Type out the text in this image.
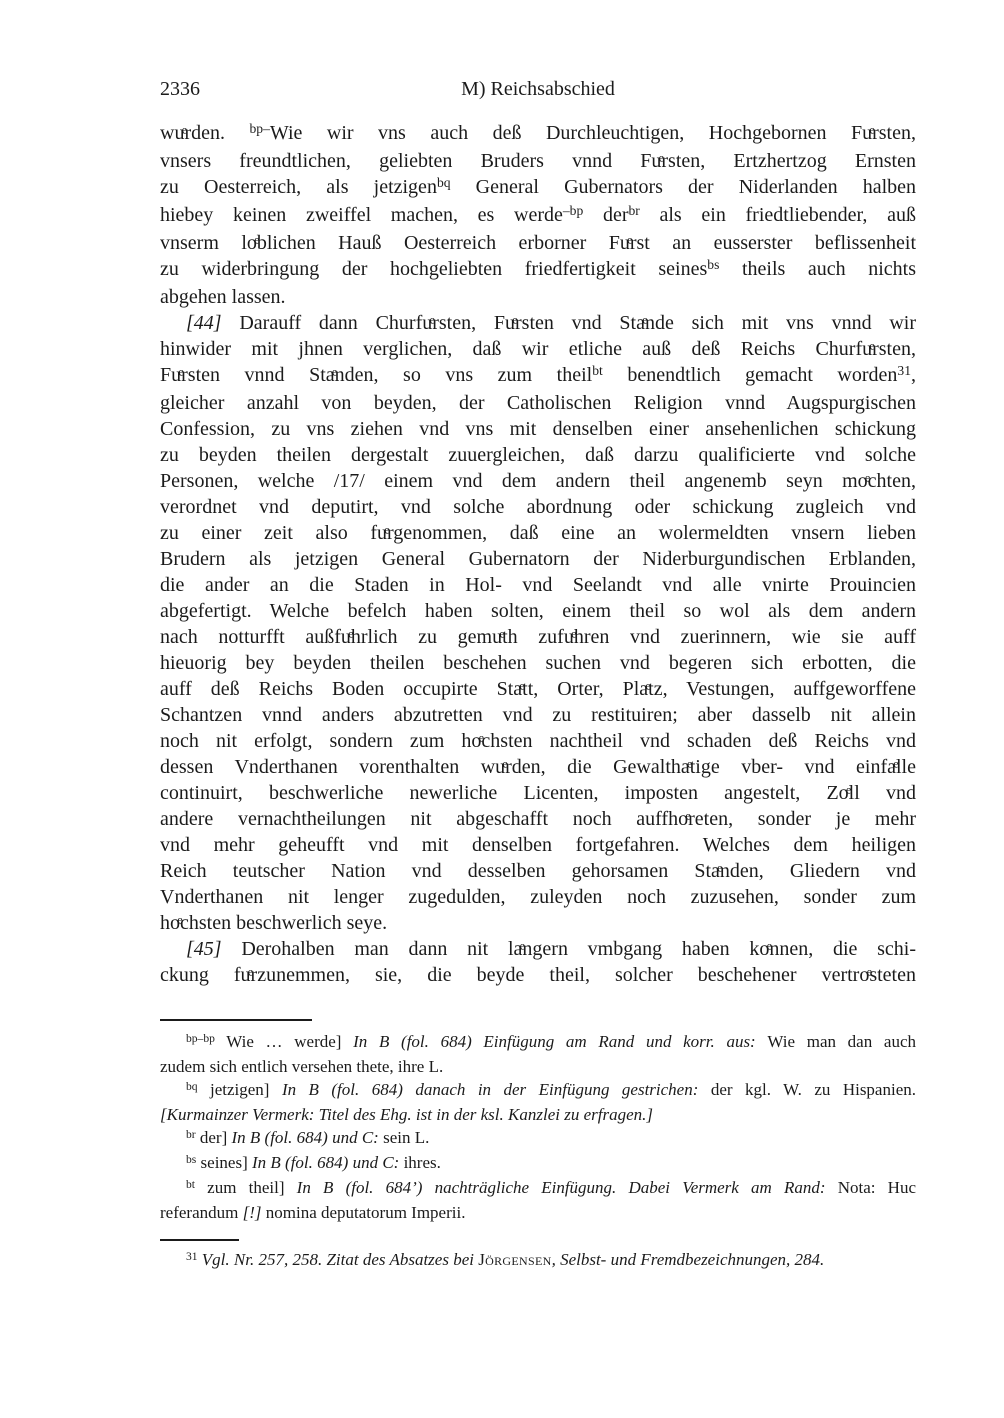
2336	M) Reichsabschied
wuͤrden. $^{bp-}$Wie wir vns auch deß Durchleuchtigen, Hochgebornen Fuͤrsten,
vnsers freundtlichen, geliebten Bruders vnnd Fuͤrsten, Ertzhertzog Ernsten
zu Oesterreich, als jetzigen$^{bq}$ General Gubernators der Niderlanden halben
hiebey keinen zweiffel machen, es werde$^{-bp}$ der$^{br}$ als ein friedtliebender, auß
vnserm loͤblichen Hauß Oesterreich erborner Fuͤrst an eusserster beflissenheit
zu widerbringung der hochgeliebten friedfertigkeit seines$^{bs}$ theils auch nichts
abgehen lassen.
[44] Darauff dann Churfuͤrsten, Fuͤrsten vnd Staͤnde sich mit vns vnnd wir
hinwider mit jhnen verglichen, daß wir etliche auß deß Reichs Churfuͤrsten,
Fuͤrsten vnnd Staͤnden, so vns zum theil$^{bt}$ benendtlich gemacht worden$^{31}$,
gleicher anzahl von beyden, der Catholischen Religion vnnd Augspurgischen
Confession, zu vns ziehen vnd vns mit denselben einer ansehenlichen schickung
zu beyden theilen dergestalt zuuergleichen, daß darzu qualificierte vnd solche
Personen, welche /17/ einem vnd dem andern theil angenemb seyn moͤchten,
verordnet vnd deputirt, vnd solche abordnung oder schickung zugleich vnd
zu einer zeit also fuͤrgenommen, daß eine an wolermeldten vnsern lieben
Brudern als jetzigen General Gubernatorn der Niderburgundischen Erblanden,
die ander an die Staden in Hol- vnd Seelandt vnd alle vnirte Prouincien
abgefertigt. Welche befelch haben solten, einem theil so wol als dem andern
nach notturfft außfuͤhrlich zu gemuͤth zufuͤhren vnd zuerinnern, wie sie auff
hieuorig bey beyden theilen beschehen suchen vnd begeren sich erbotten, die
auff deß Reichs Boden occupirte Staͤtt, Orter, Plaͤtz, Vestungen, auffgeworffene
Schantzen vnnd anders abzutretten vnd zu restituiren; aber dasselb nit allein
noch nit erfolgt, sondern zum hoͤchsten nachtheil vnd schaden deß Reichs vnd
dessen Vnderthanen vorenthalten wuͤrden, die Gewalthaͤtige vber- vnd einfaͤlle
continuirt, beschwerliche newerliche Licenten, imposten angestelt, Zoͤll vnd
andere vernachtheilungen nit abgeschafft noch auffhoͤreten, sonder je mehr
vnd mehr geheufft vnd mit denselben fortgefahren. Welches dem heiligen
Reich teutscher Nation vnd desselben gehorsamen Staͤnden, Gliedern vnd
Vnderthanen nit lenger zugedulden, zuleyden noch zuzusehen, sonder zum
hoͤchsten beschwerlich seye.
[45] Derohalben man dann nit laͤngern vmbgang haben koͤnnen, die schi-
ckung fuͤrzunemmen, sie, die beyde theil, solcher beschehener vertroͤsteten
$^{bp-bp}$ Wie … werde] In B (fol. 684) Einfügung am Rand und korr. aus: Wie man dan auch
zudem sich entlich versehen thete, ihre L.
$^{bq}$ jetzigen] In B (fol. 684) danach in der Einfügung gestrichen: der kgl. W. zu Hispanien.
[Kurmainzer Vermerk: Titel des Ehg. ist in der ksl. Kanzlei zu erfragen.]
$^{br}$ der] In B (fol. 684) und C: sein L.
$^{bs}$ seines] In B (fol. 684) und C: ihres.
$^{bt}$ zum theil] In B (fol. 684’) nachträgliche Einfügung. Dabei Vermerk am Rand: Nota: Huc
referandum [!] nomina deputatorum Imperii.
$^{31}$ Vgl. Nr. 257, 258. Zitat des Absatzes bei Jörgensen, Selbst- und Fremdbezeichnungen, 284.
